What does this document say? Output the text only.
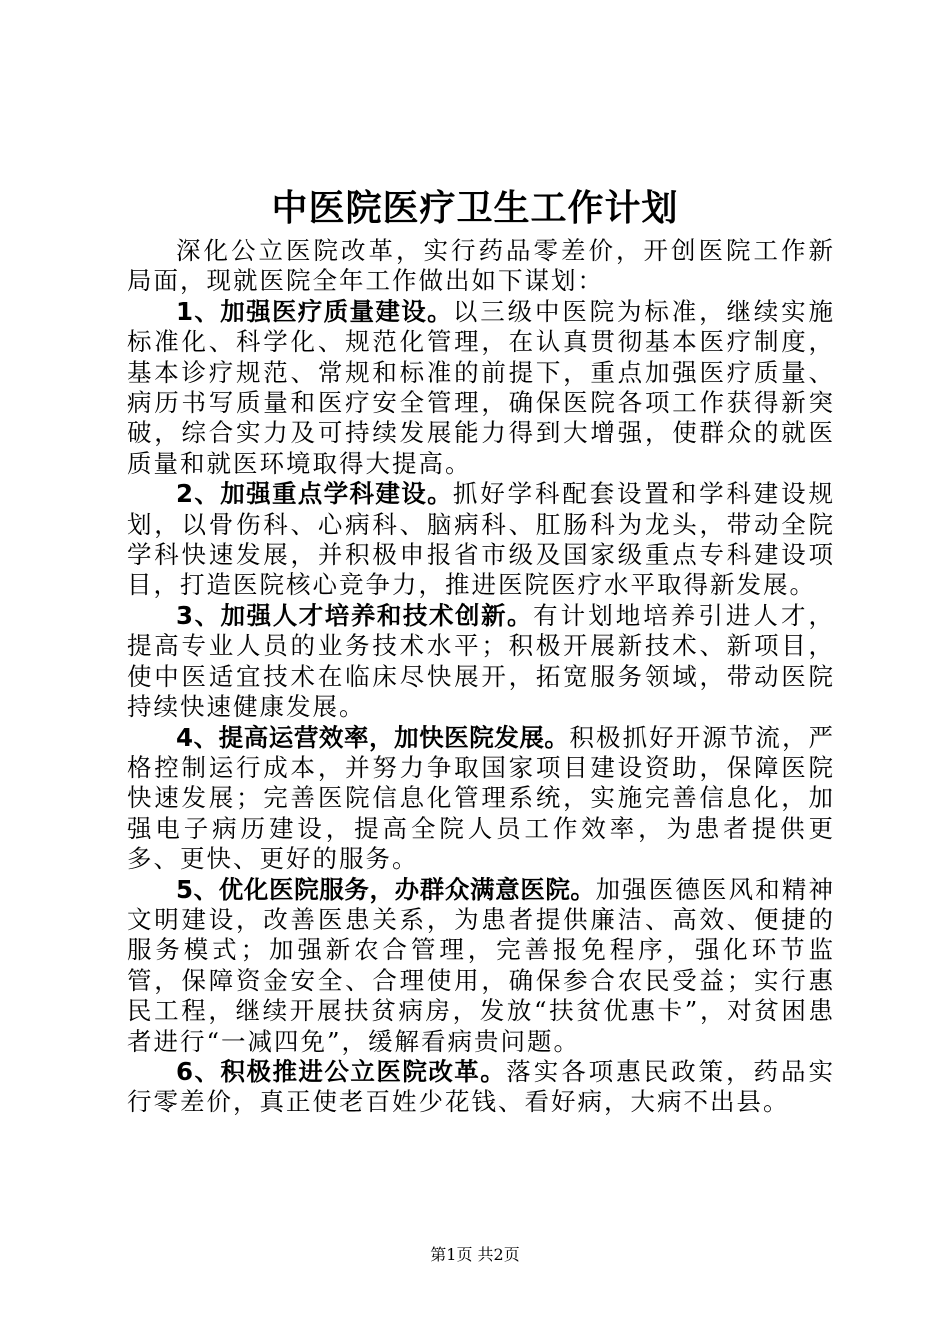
中医院医疗卫生工作计划

深化公立医院改革，实行药品零差价，开创医院工作新局面，现就医院全年工作做出如下谋划：

1、加强医疗质量建设。以三级中医院为标准，继续实施标准化、科学化、规范化管理，在认真贯彻基本医疗制度，基本诊疗规范、常规和标准的前提下，重点加强医疗质量、病历书写质量和医疗安全管理，确保医院各项工作获得新突破，综合实力及可持续发展能力得到大增强，使群众的就医质量和就医环境取得大提高。

2、加强重点学科建设。抓好学科配套设置和学科建设规划，以骨伤科、心病科、脑病科、肛肠科为龙头，带动全院学科快速发展，并积极申报省市级及国家级重点专科建设项目，打造医院核心竞争力，推进医院医疗水平取得新发展。

3、加强人才培养和技术创新。有计划地培养引进人才，提高专业人员的业务技术水平；积极开展新技术、新项目，使中医适宜技术在临床尽快展开，拓宽服务领域，带动医院持续快速健康发展。

4、提高运营效率，加快医院发展。积极抓好开源节流，严格控制运行成本，并努力争取国家项目建设资助，保障医院快速发展；完善医院信息化管理系统，实施完善信息化，加强电子病历建设，提高全院人员工作效率，为患者提供更多、更快、更好的服务。

5、优化医院服务，办群众满意医院。加强医德医风和精神文明建设，改善医患关系，为患者提供廉洁、高效、便捷的服务模式；加强新农合管理，完善报免程序，强化环节监管，保障资金安全、合理使用，确保参合农民受益；实行惠民工程，继续开展扶贫病房，发放“扶贫优惠卡”，对贫困患者进行“一减四免”，缓解看病贵问题。

6、积极推进公立医院改革。落实各项惠民政策，药品实行零差价，真正使老百姓少花钱、看好病，大病不出县。

第1页 共2页
